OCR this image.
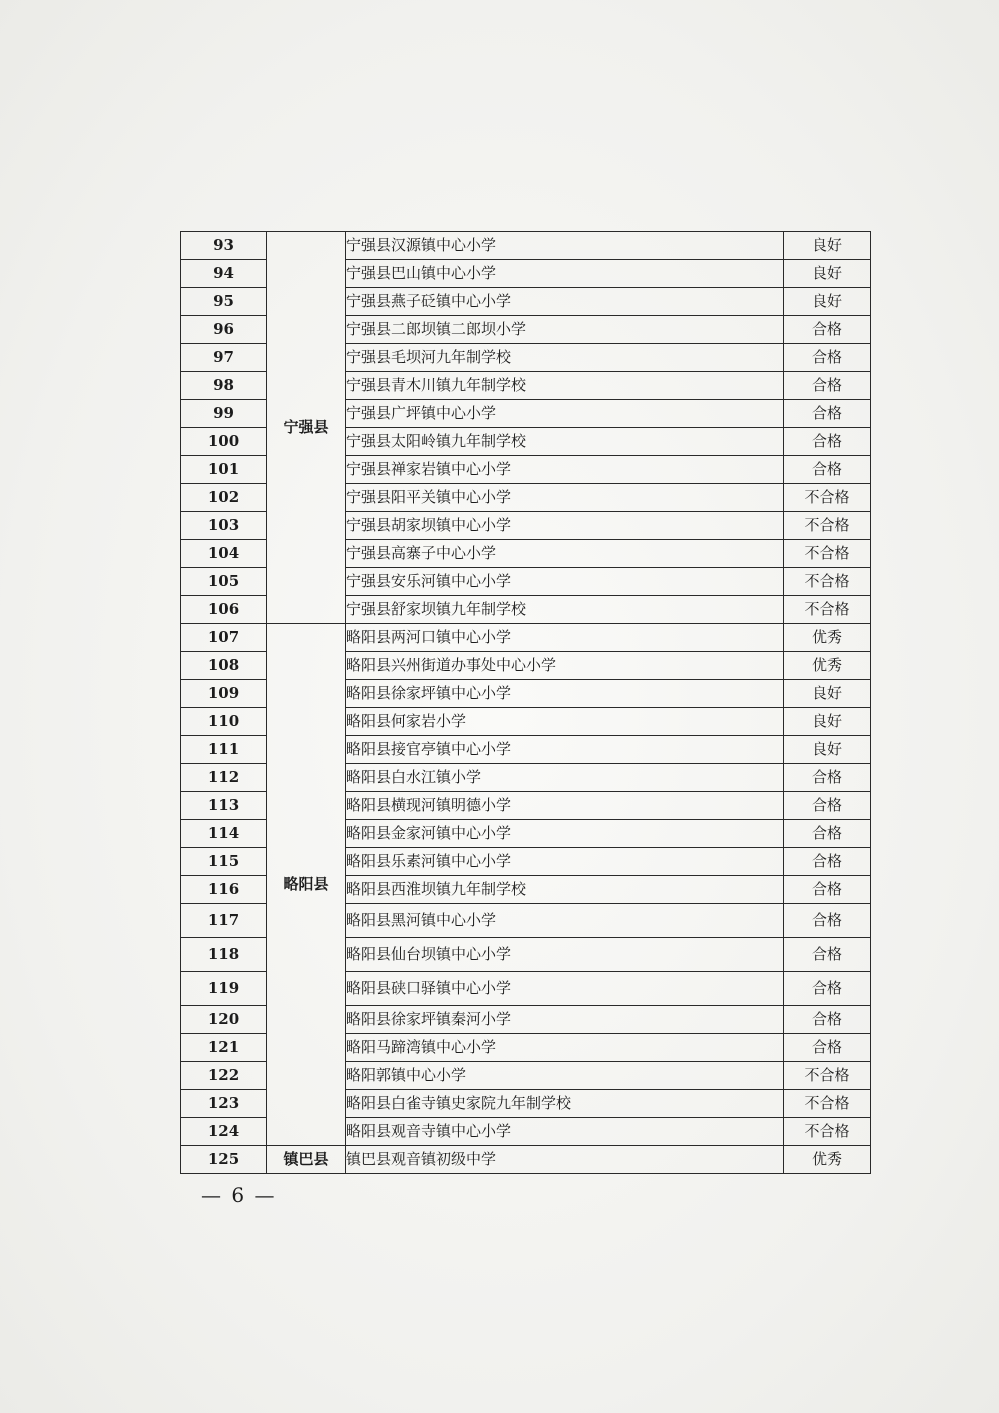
93	宁强县	宁强县汉源镇中心小学	良好
94		宁强县巴山镇中心小学	良好
95		宁强县燕子砭镇中心小学	良好
96		宁强县二郎坝镇二郎坝小学	合格
97		宁强县毛坝河九年制学校	合格
98		宁强县青木川镇九年制学校	合格
99		宁强县广坪镇中心小学	合格
100		宁强县太阳岭镇九年制学校	合格
101		宁强县禅家岩镇中心小学	合格
102		宁强县阳平关镇中心小学	不合格
103		宁强县胡家坝镇中心小学	不合格
104		宁强县高寨子中心小学	不合格
105		宁强县安乐河镇中心小学	不合格
106		宁强县舒家坝镇九年制学校	不合格
107	略阳县	略阳县两河口镇中心小学	优秀
108		略阳县兴州街道办事处中心小学	优秀
109		略阳县徐家坪镇中心小学	良好
110		略阳县何家岩小学	良好
111		略阳县接官亭镇中心小学	良好
112		略阳县白水江镇小学	合格
113		略阳县横现河镇明德小学	合格
114		略阳县金家河镇中心小学	合格
115		略阳县乐素河镇中心小学	合格
116		略阳县西淮坝镇九年制学校	合格
117		略阳县黑河镇中心小学	合格
118		略阳县仙台坝镇中心小学	合格
119		略阳县硖口驿镇中心小学	合格
120		略阳县徐家坪镇秦河小学	合格
121		略阳马蹄湾镇中心小学	合格
122		略阳郭镇中心小学	不合格
123		略阳县白雀寺镇史家院九年制学校	不合格
124		略阳县观音寺镇中心小学	不合格
125	镇巴县	镇巴县观音镇初级中学	优秀
— 6 —
